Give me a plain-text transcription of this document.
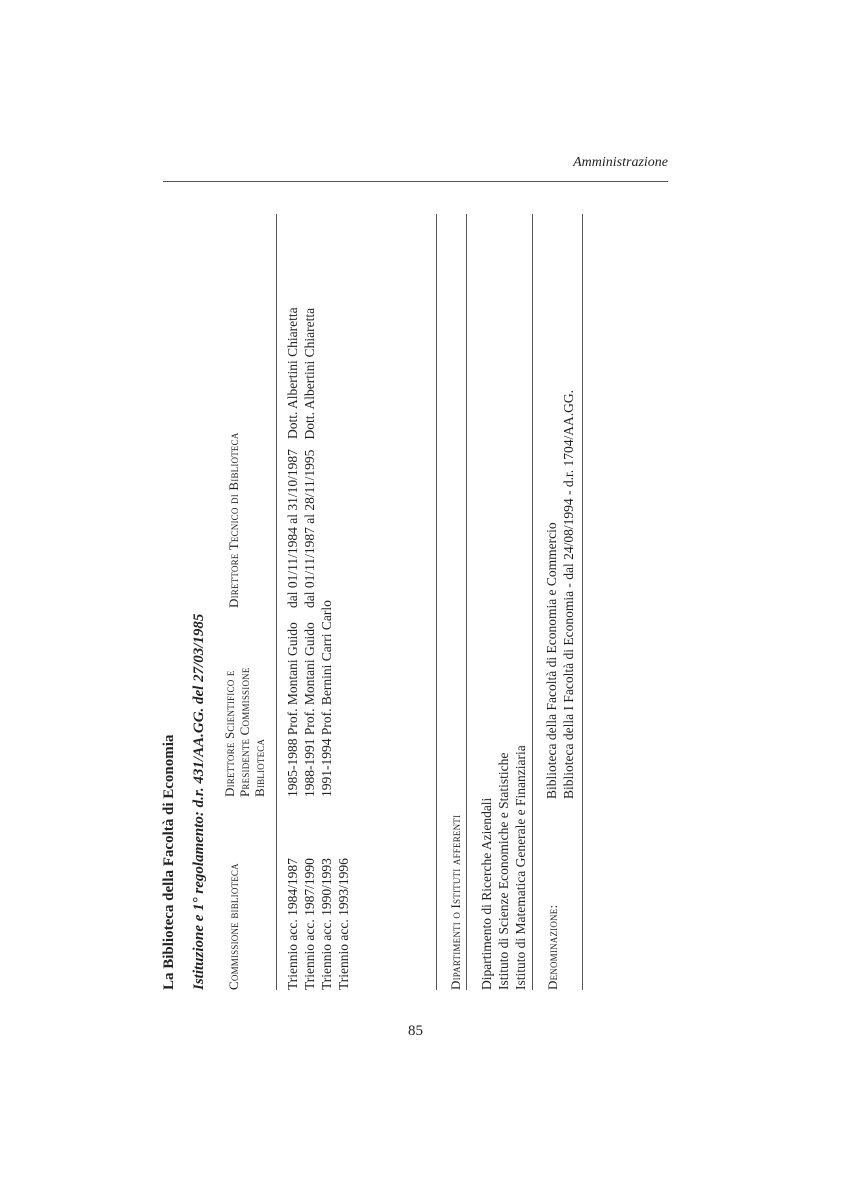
Amministrazione
La Biblioteca della Facoltà di Economia Istituzione e 1° regolamento: d.r. 431/AA.GG. del 27/03/1985 Commissione biblioteca
Direttore Scientifico e Presidente Commissione Biblioteca
Direttore Tecnico di Biblioteca
Triennio acc. 1984/1987 Triennio acc. 1987/1990 Triennio acc. 1990/1993 Triennio acc. 1993/1996
1985-1988 Prof. Montani Guido 1988-1991 Prof. Montani Guido 1991-1994 Prof. Bernini Carri Carlo
dal 01/11/1984 al 31/10/1987   Dott. Albertini Chiaretta dal 01/11/1987 al 28/11/1995   Dott. Albertini Chiaretta
Dipartimenti o Istituti afferenti Dipartimento di Ricerche Aziendali Istituto di Scienze Economiche e Statistiche Istituto di Matematica Generale e Finanziaria Denominazione:
Biblioteca della Facoltà di Economia e Commercio Biblioteca della I Facoltà di Economia - dal 24/08/1994 - d.r. 1704/AA.GG.
85
